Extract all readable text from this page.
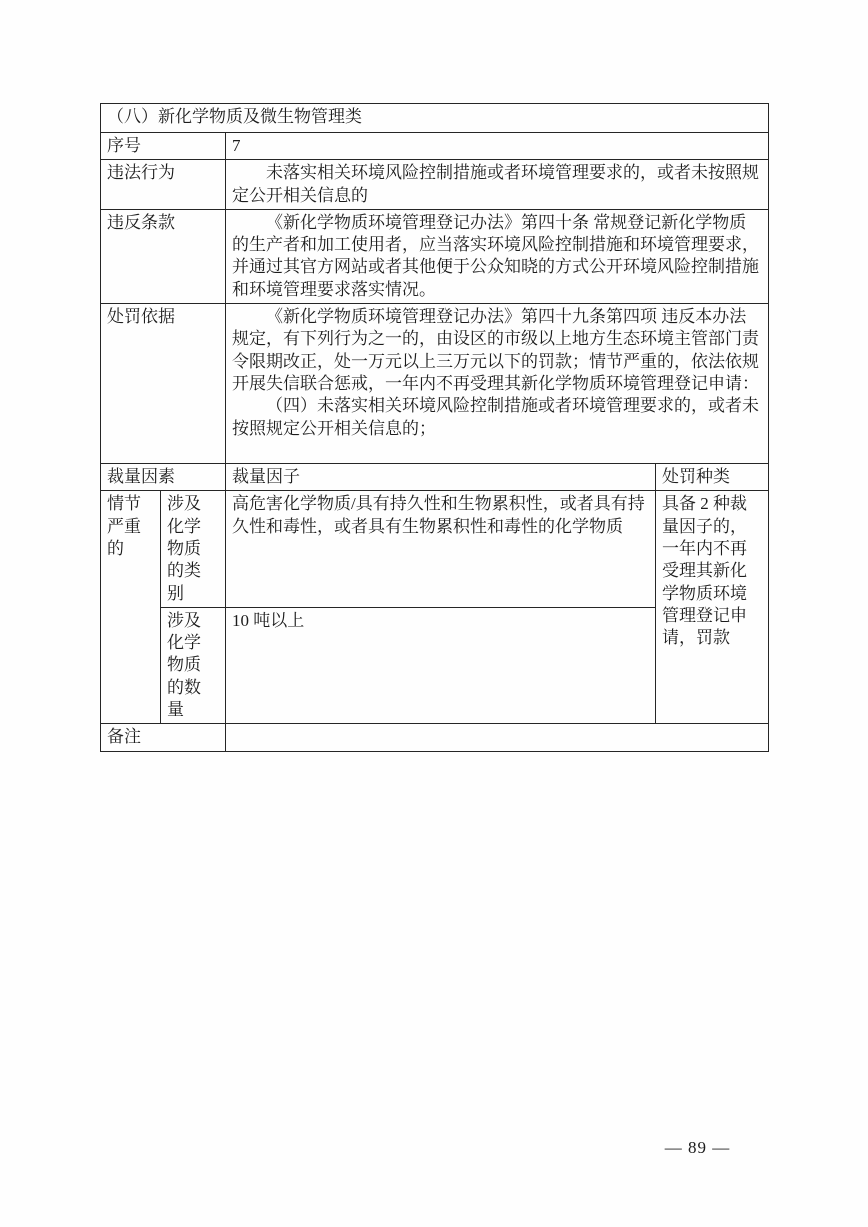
（八）新化学物质及微生物管理类			
序号		7	
违法行为		未落实相关环境风险控制措施或者环境管理要求的，或者未按照规定公开相关信息的	

违反条款		《新化学物质环境管理登记办法》第四十条 常规登记新化学物质的生产者和加工使用者，应当落实环境风险控制措施和环境管理要求，并通过其官方网站或者其他便于公众知晓的方式公开环境风险控制措施和环境管理要求落实情况。	

处罚依据		《新化学物质环境管理登记办法》第四十九条第四项 违反本办法规定，有下列行为之一的，由设区的市级以上地方生态环境主管部门责令限期改正，处一万元以上三万元以下的罚款；情节严重的，依法依规开展失信联合惩戒，一年内不再受理其新化学物质环境管理登记申请：
（四）未落实相关环境风险控制措施或者环境管理要求的，或者未按照规定公开相关信息的；	

裁量因素		裁量因子	处罚种类

情节严重的	涉及化学物质的类别	高危害化学物质/具有持久性和生物累积性，或者具有持久性和毒性，或者具有生物累积性和毒性的化学物质	具备 2 种裁量因子的，一年内不再受理其新化学物质环境管理登记申请，罚款

	涉及化学物质的数量	10 吨以上	
备注			
— 89 —
